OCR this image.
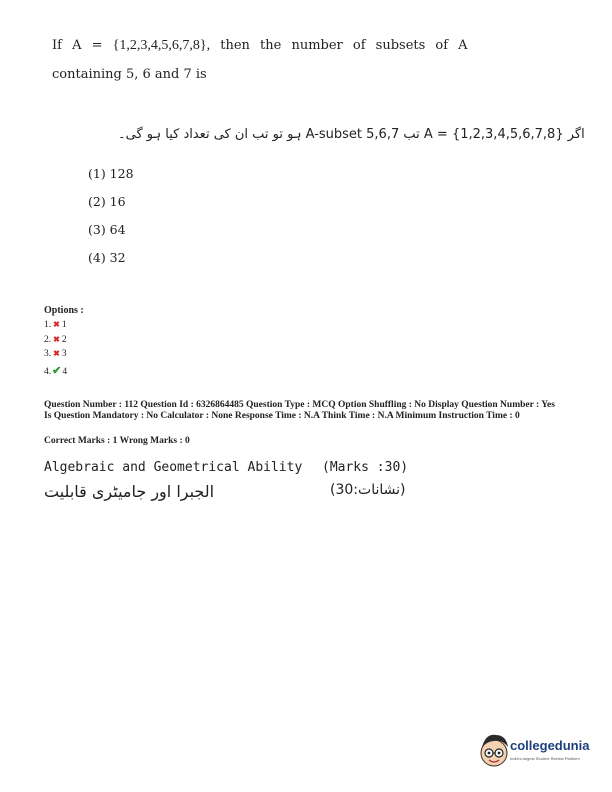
If A = {1,2,3,4,5,6,7,8}, then the number of subsets of A
containing 5, 6 and 7 is
اگر {1,2,3,4,5,6,7,8} = A تب A-subset 5,6,7 ہو تو تب ان کی تعداد کیا ہو گی۔
(1) 128
(2) 16
(3) 64
(4) 32
Options :
1. ✖ 1
2. ✖ 2
3. ✖ 3
4.✔4
Question Number : 112 Question Id : 6326864485 Question Type : MCQ Option Shuffling : No Display Question Number : Yes Is Question Mandatory : No Calculator : None Response Time : N.A Think Time : N.A Minimum Instruction Time : 0
Correct Marks : 1 Wrong Marks : 0
Algebraic and Geometrical Ability (Marks :30)
الجبرا اور جامیٹری قابلیت	(نشانات:30)
collegedunia
India's largest Student Review Platform
